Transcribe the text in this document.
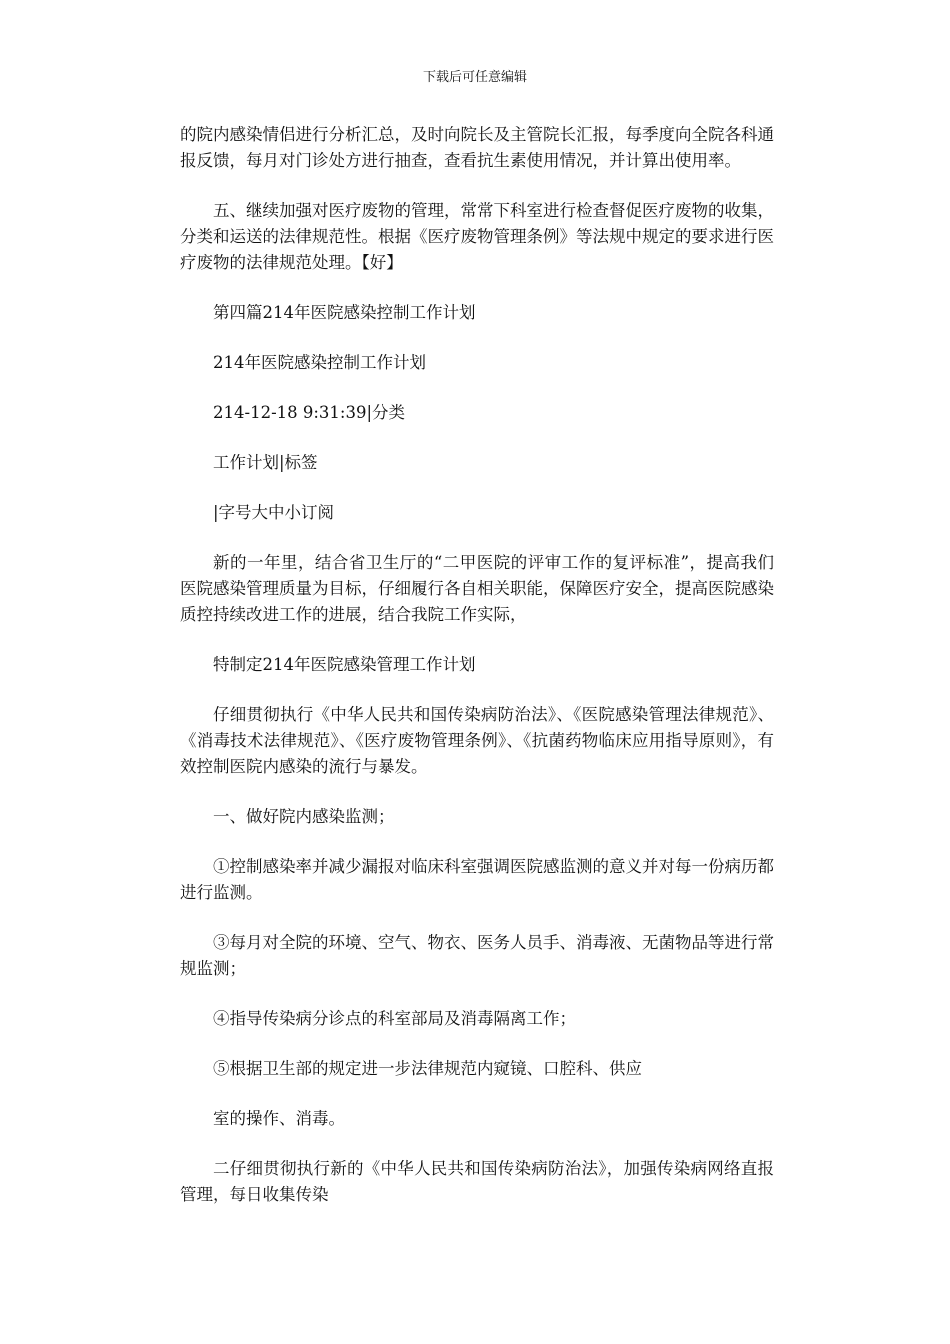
下载后可任意编辑

的院内感染情侣进行分析汇总，及时向院长及主管院长汇报，每季度向全院各科通报反馈，每月对门诊处方进行抽查，查看抗生素使用情况，并计算出使用率。

五、继续加强对医疗废物的管理，常常下科室进行检查督促医疗废物的收集，分类和运送的法律规范性。根据《医疗废物管理条例》等法规中规定的要求进行医疗废物的法律规范处理。【好】

第四篇214年医院感染控制工作计划

214年医院感染控制工作计划

214-12-18 9:31:39|分类

工作计划|标签

|字号大中小订阅

新的一年里，结合省卫生厅的“二甲医院的评审工作的复评标准”，提高我们医院感染管理质量为目标，仔细履行各自相关职能，保障医疗安全，提高医院感染质控持续改进工作的进展，结合我院工作实际，

特制定214年医院感染管理工作计划

仔细贯彻执行《中华人民共和国传染病防治法》、《医院感染管理法律规范》、《消毒技术法律规范》、《医疗废物管理条例》、《抗菌药物临床应用指导原则》，有效控制医院内感染的流行与暴发。

一、做好院内感染监测；

①控制感染率并减少漏报对临床科室强调医院感监测的意义并对每一份病历都进行监测。

③每月对全院的环境、空气、物衣、医务人员手、消毒液、无菌物品等进行常规监测；

④指导传染病分诊点的科室部局及消毒隔离工作；

⑤根据卫生部的规定进一步法律规范内窥镜、口腔科、供应

室的操作、消毒。

二仔细贯彻执行新的《中华人民共和国传染病防治法》，加强传染病网络直报管理，每日收集传染
